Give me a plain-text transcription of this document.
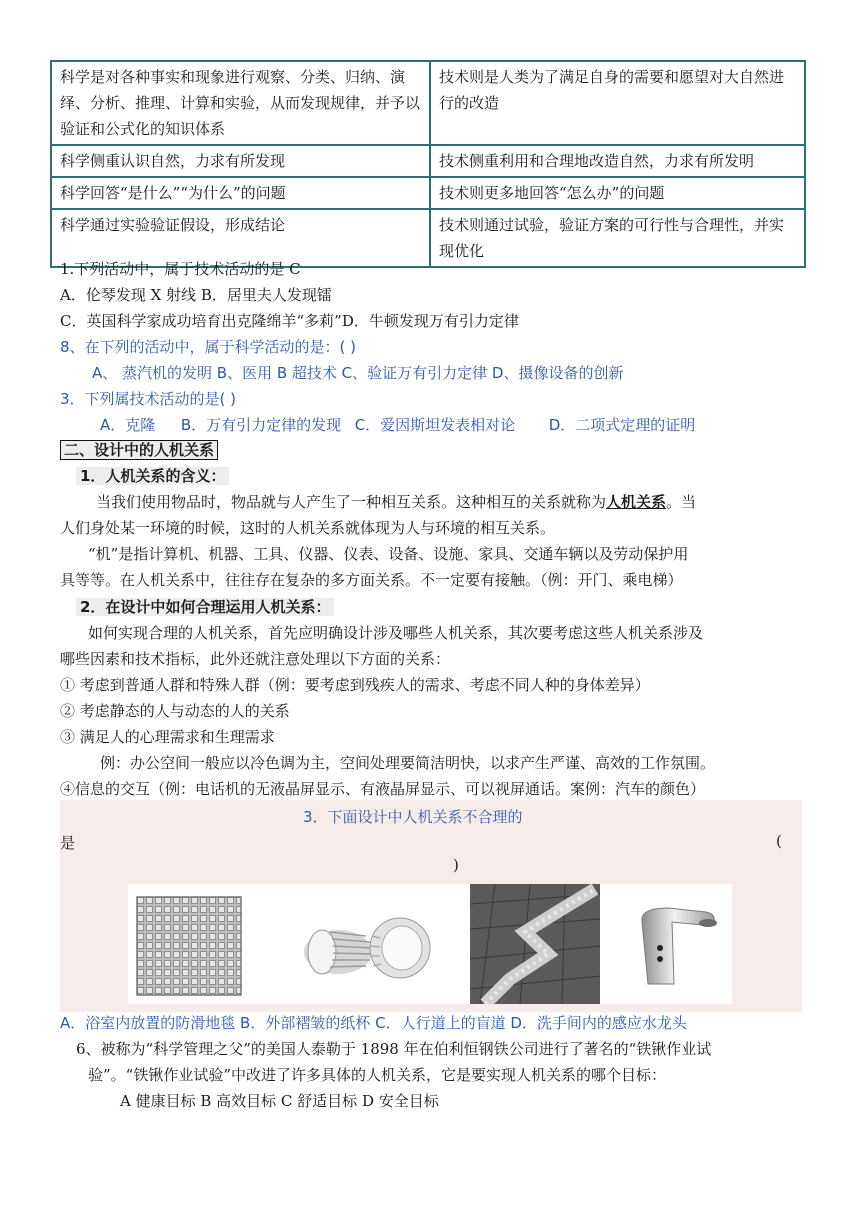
科学是对各种事实和现象进行观察、分类、归纳、演绎、分析、推理、计算和实验，从而发现规律，并予以验证和公式化的知识体系	技术则是人类为了满足自身的需要和愿望对大自然进行的改造
科学侧重认识自然，力求有所发现	技术侧重利用和合理地改造自然，力求有所发明
科学回答“是什么”“为什么”的问题	技术则更多地回答“怎么办”的问题
科学通过实验验证假设，形成结论	技术则通过试验，验证方案的可行性与合理性，并实现优化
1.下列活动中，属于技术活动的是 C
A．伦琴发现 X 射线 B．居里夫人发现镭
C．英国科学家成功培育出克隆绵羊“多莉”D．牛顿发现万有引力定律
8、在下列的活动中，属于科学活动的是：( )
A、 蒸汽机的发明 B、医用 B 超技术 C、验证万有引力定律 D、摄像设备的创新
3．下列属技术活动的是( )
A．克隆 B．万有引力定律的发现 C．爱因斯坦发表相对论 D．二项式定理的证明
二、设计中的人机关系
1．人机关系的含义：
当我们使用物品时，物品就与人产生了一种相互关系。这种相互的关系就称为人机关系。当
人们身处某一环境的时候，这时的人机关系就体现为人与环境的相互关系。
“机”是指计算机、机器、工具、仪器、仪表、设备、设施、家具、交通车辆以及劳动保护用
具等等。在人机关系中，往往存在复杂的多方面关系。不一定要有接触。（例：开门、乘电梯）
2．在设计中如何合理运用人机关系：
如何实现合理的人机关系，首先应明确设计涉及哪些人机关系，其次要考虑这些人机关系涉及
哪些因素和技术指标，此外还就注意处理以下方面的关系：
① 考虑到普通人群和特殊人群（例：要考虑到残疾人的需求、考虑不同人种的身体差异）
② 考虑静态的人与动态的人的关系
③ 满足人的心理需求和生理需求
例：办公空间一般应以冷色调为主，空间处理要简洁明快，以求产生严谨、高效的工作氛围。
④信息的交互（例：电话机的无液晶屏显示、有液晶屏显示、可以视屏通话。案例：汽车的颜色）
3．下面设计中人机关系不合理的
是	(
)
A．浴室内放置的防滑地毯 B．外部褶皱的纸杯 C．人行道上的盲道 D．洗手间内的感应水龙头
6、被称为“科学管理之父”的美国人泰勒于 1898 年在伯利恒钢铁公司进行了著名的“铁锹作业试
验”。“铁锹作业试验”中改进了许多具体的人机关系，它是要实现人机关系的哪个目标：
A 健康目标 B 高效目标 C 舒适目标 D 安全目标
